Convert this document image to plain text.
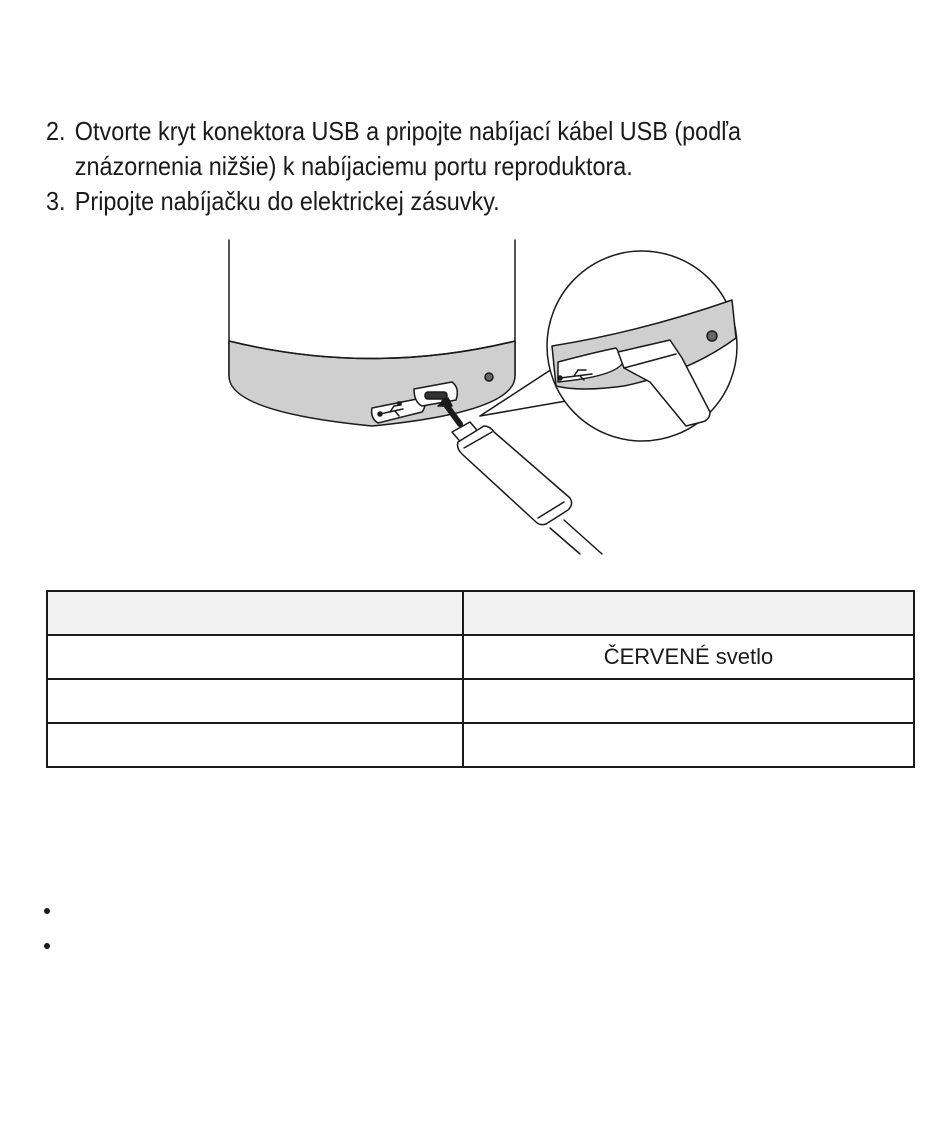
2. Otvorte kryt konektora USB a pripojte nabíjací kábel USB (podľa znázornenia nižšie) k nabíjaciemu portu reproduktora.
3. Pripojte nabíjačku do elektrickej zásuvky.

	ČERVENÉ svetlo
